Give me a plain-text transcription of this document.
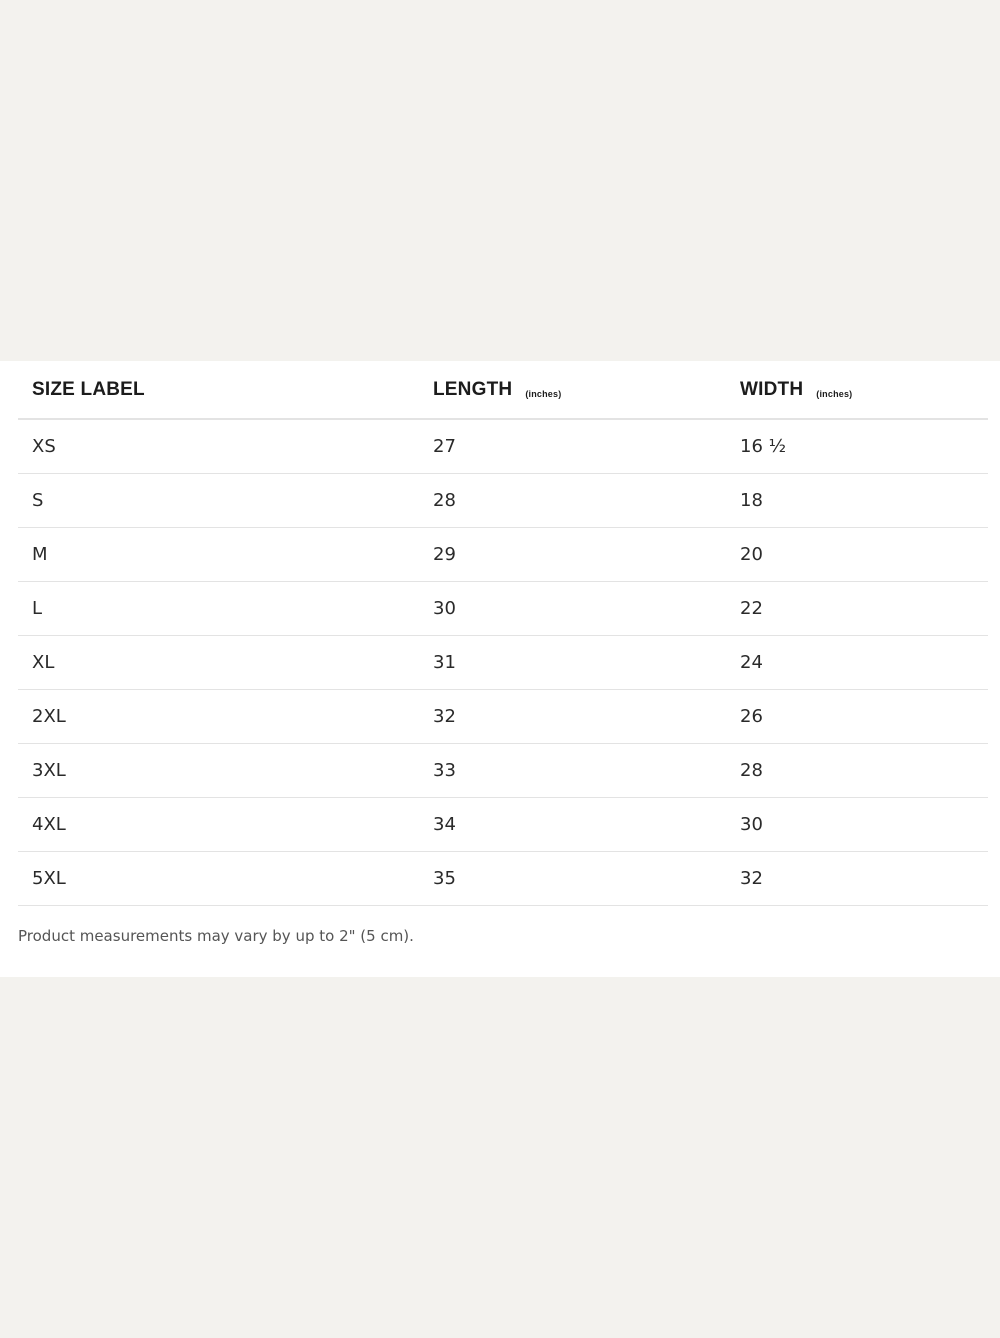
SIZE LABEL	LENGTH (inches)	WIDTH (inches)
XS	27	16 ½
S	28	18
M	29	20
L	30	22
XL	31	24
2XL	32	26
3XL	33	28
4XL	34	30
5XL	35	32
Product measurements may vary by up to 2" (5 cm).
